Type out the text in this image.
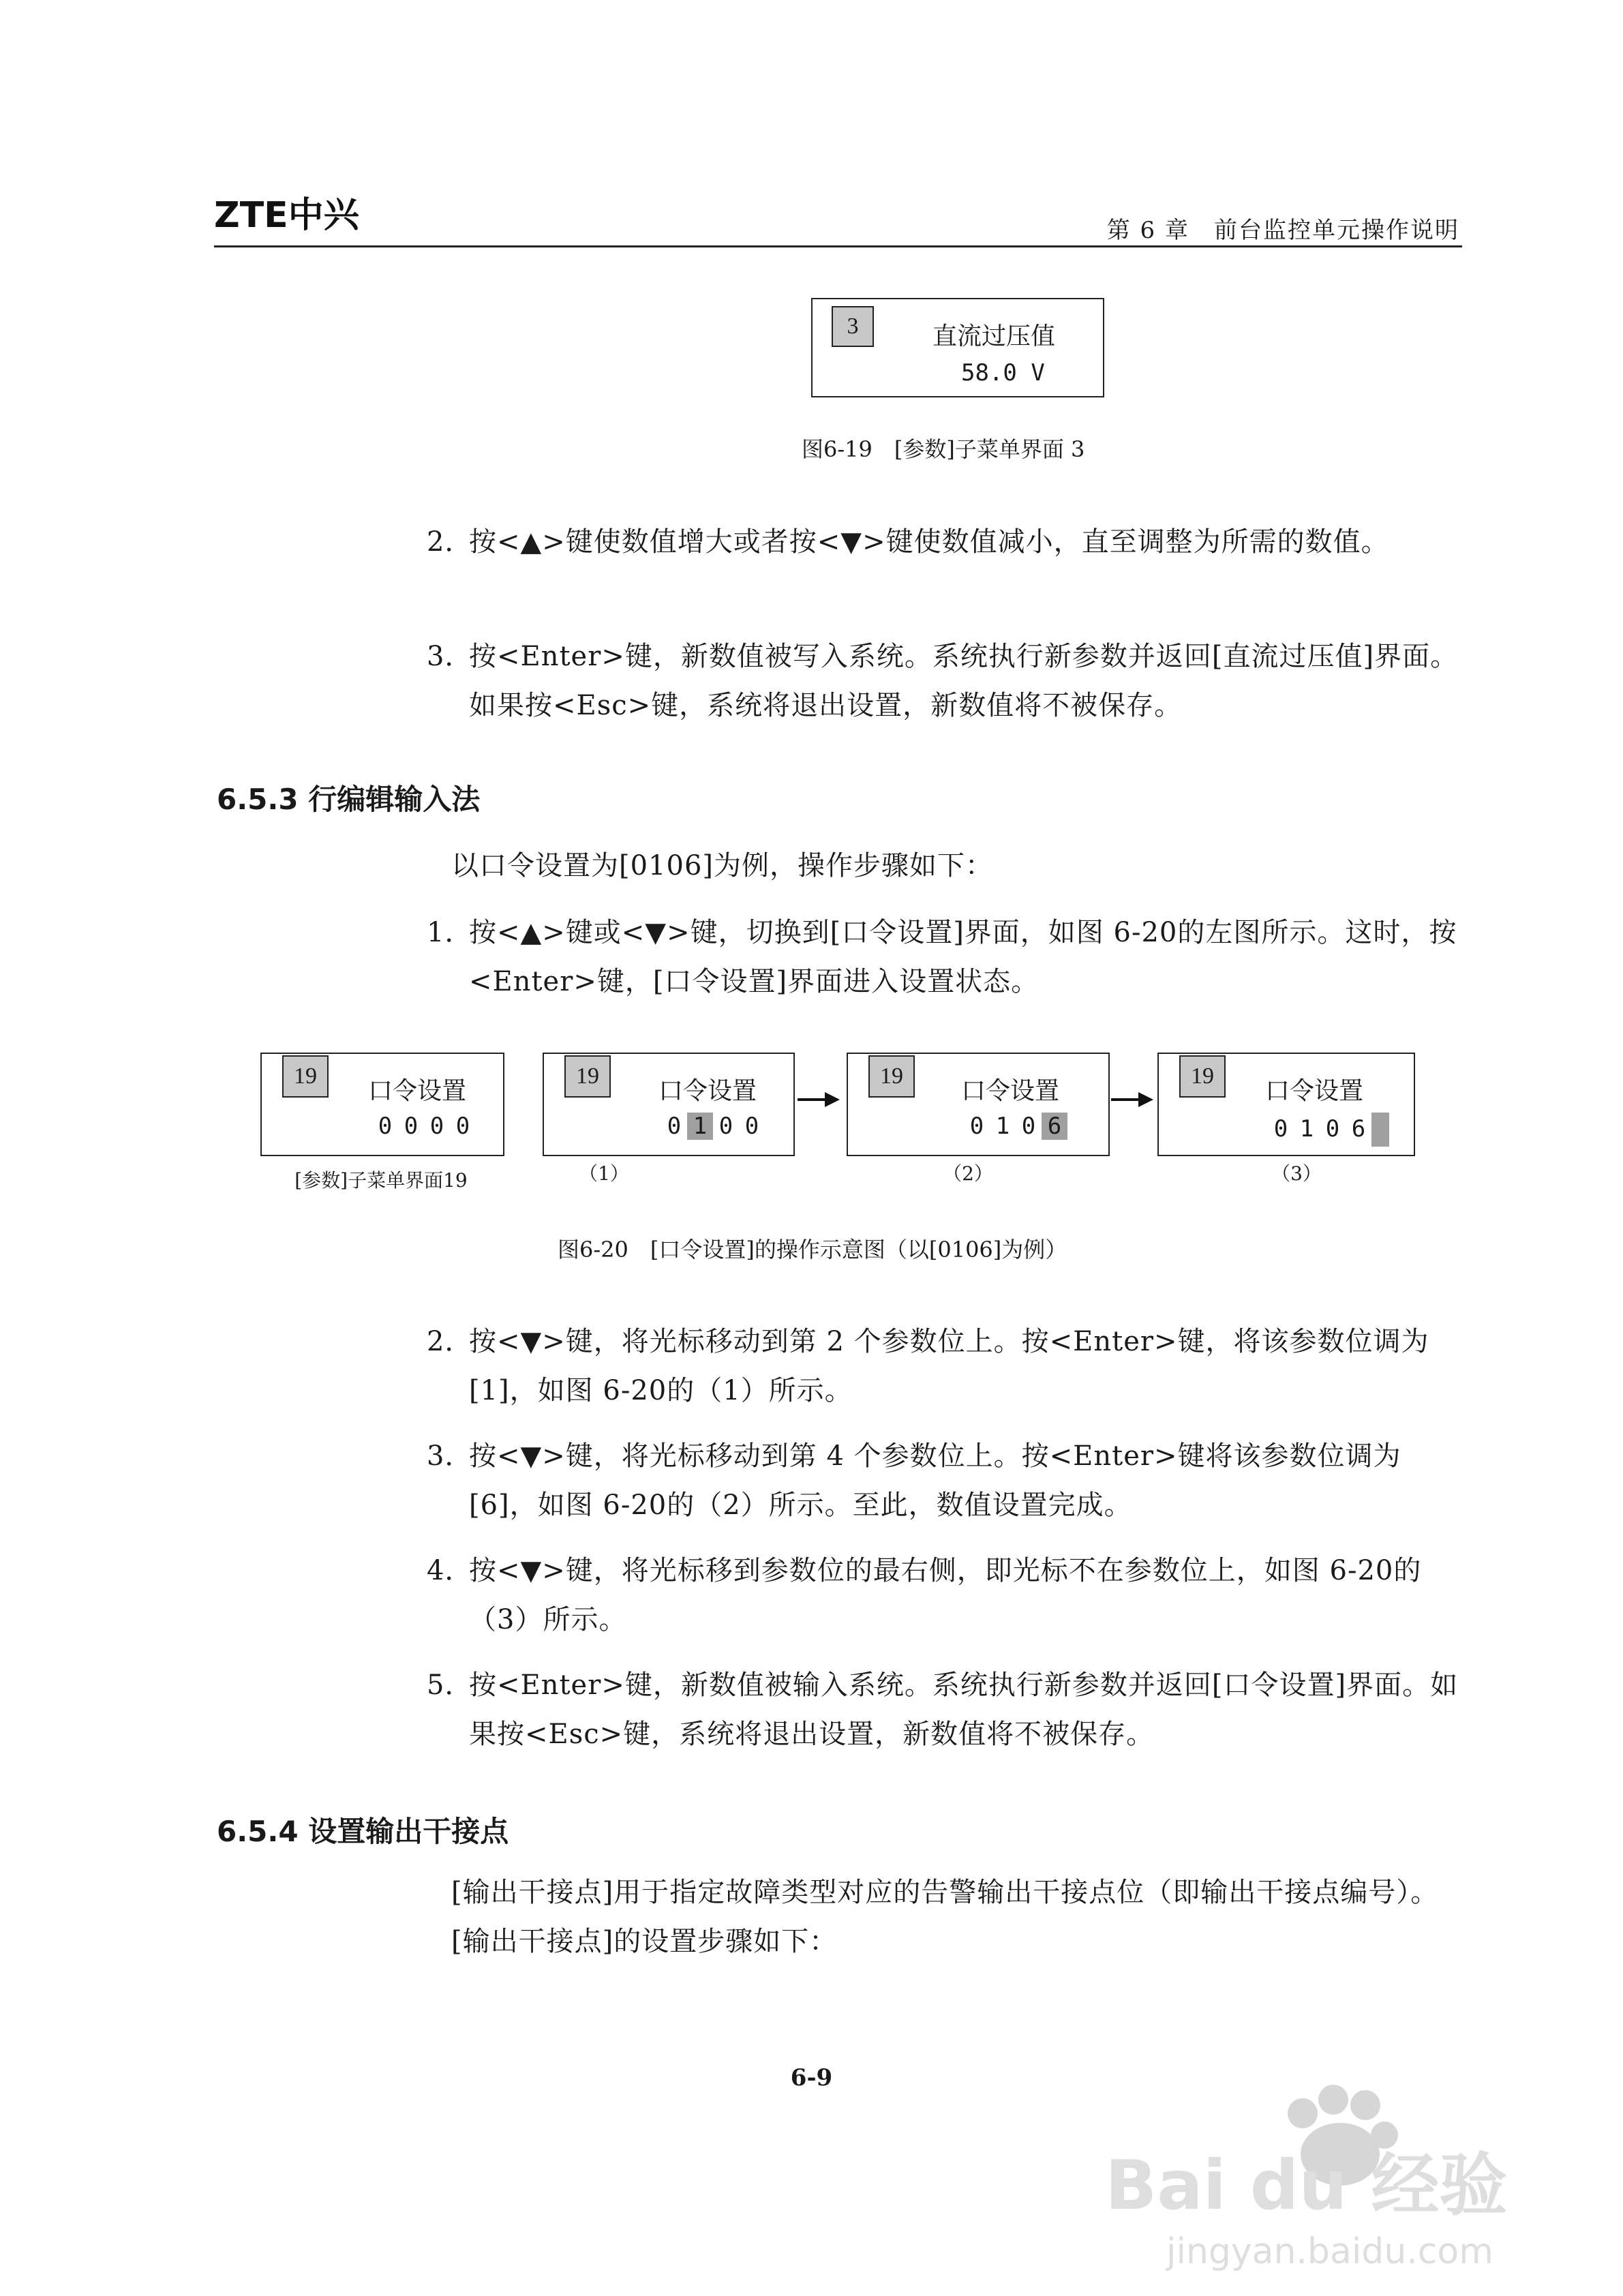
ZTE中兴	第 6 章　前台监控单元操作说明
3	直流过压值
58.0 V
图6-19　[参数]子菜单界面 3
2．
按<▲>键使数值增大或者按<▼>键使数值减小，直至调整为所需的数值。
3．
按<Enter>键，新数值被写入系统。系统执行新参数并返回[直流过压值]界面。如果按<Esc>键，系统将退出设置，新数值将不被保存。
6.5.3 行编辑输入法
以口令设置为[0106]为例，操作步骤如下：
1．
按<▲>键或<▼>键，切换到[口令设置]界面，如图 6-20的左图所示。这时，按<Enter>键，[口令设置]界面进入设置状态。
19
口令设置
0 0 0 0
[参数]子菜单界面19
19
口令设置
0 1 0 0
（1）
19
口令设置
0 1 0 6
（2）
19
口令设置
0 1 0 6
（3）
图6-20　[口令设置]的操作示意图（以[0106]为例）
2．
按<▼>键，将光标移动到第 2 个参数位上。按<Enter>键，将该参数位调为[1]，如图 6-20的（1）所示。
3．
按<▼>键，将光标移动到第 4 个参数位上。按<Enter>键将该参数位调为[6]，如图 6-20的（2）所示。至此，数值设置完成。
4．
按<▼>键，将光标移到参数位的最右侧，即光标不在参数位上，如图 6-20的（3）所示。
5．
按<Enter>键，新数值被输入系统。系统执行新参数并返回[口令设置]界面。如果按<Esc>键，系统将退出设置，新数值将不被保存。
6.5.4 设置输出干接点
[输出干接点]用于指定故障类型对应的告警输出干接点位（即输出干接点编号）。[输出干接点]的设置步骤如下：
6-9
Bai du 经验
jingyan.baidu.com
